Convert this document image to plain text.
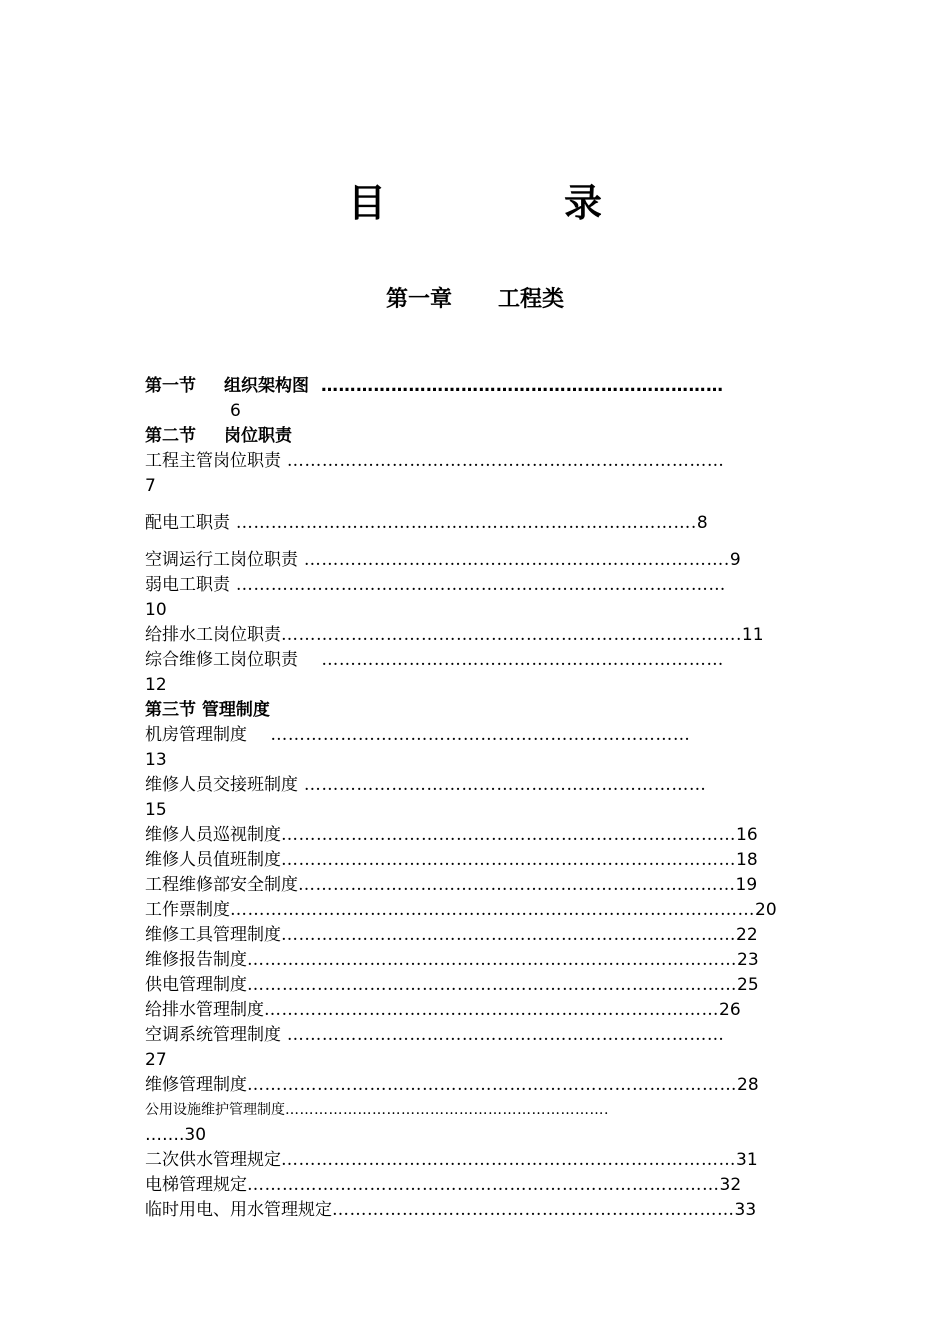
目　录
第一章 工程类
第一节 组织架构图 ……………………………………………………………
6
第二节 岗位职责
工程主管岗位职责 …………………………………………………………………
7
配电工职责 …………………………………………………………………….8
空调运行工岗位职责 ……………………………………………………………….9
弱电工职责 …………………………………………………………………………
10
给排水工岗位职责…………………………………………………………………….11
综合维修工岗位职责　 ……………………………………………………………
12
第三节 管理制度
机房管理制度　 ………………………………………………………………
13
维修人员交接班制度 ……………………………………………………………
15
维修人员巡视制度……………………………………………………………………16
维修人员值班制度……………………………………………………………………18
工程维修部安全制度…………………………………………………………………19
工作票制度………………………………………………………………………………20
维修工具管理制度……………………………………………………………………22
维修报告制度…………………………………………………………………………23
供电管理制度…………………………………………………………………………25
给排水管理制度……………………………………………………………………26
空调系统管理制度 …………………………………………………………………
27
维修管理制度…………………………………………………………………………28
公用设施维护管理制度………………………………………………………….
…….30
二次供水管理规定……………………………………………………………………31
电梯管理规定………………………………………………………………………32
临时用电、用水管理规定……………………………………………………………33
